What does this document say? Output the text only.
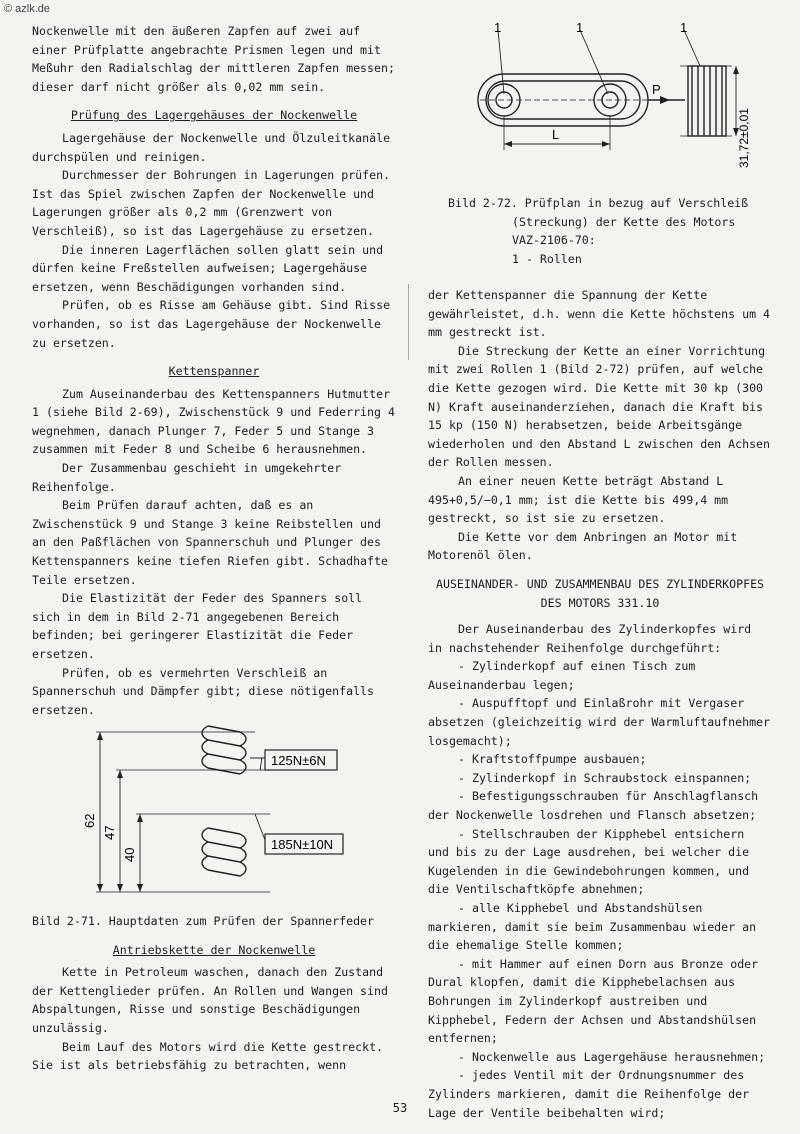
© azlk.de

Nockenwelle mit den äußeren Zapfen auf zwei auf einer Prüfplatte angebrachte Prismen legen und mit Meßuhr den Radialschlag der mittleren Zapfen messen; dieser darf nicht größer als 0,02 mm sein.

Prüfung des Lagergehäuses der Nockenwelle

Lagergehäuse der Nockenwelle und Ölzuleitkanäle durchspülen und reinigen.

Durchmesser der Bohrungen in Lagerungen prüfen. Ist das Spiel zwischen Zapfen der Nockenwelle und Lagerungen größer als 0,2 mm (Grenzwert von Verschleiß), so ist das Lagergehäuse zu ersetzen.

Die inneren Lagerflächen sollen glatt sein und dürfen keine Freßstellen aufweisen; Lagergehäuse ersetzen, wenn Beschädigungen vorhanden sind.

Prüfen, ob es Risse am Gehäuse gibt. Sind Risse vorhanden, so ist das Lagergehäuse der Nockenwelle zu ersetzen.

Kettenspanner

Zum Auseinanderbau des Kettenspanners Hutmutter 1 (siehe Bild 2-69), Zwischenstück 9 und Federring 4 wegnehmen, danach Plunger 7, Feder 5 und Stange 3 zusammen mit Feder 8 und Scheibe 6 herausnehmen.

Der Zusammenbau geschieht in umgekehrter Reihenfolge.

Beim Prüfen darauf achten, daß es an Zwischenstück 9 und Stange 3 keine Reibstellen und an den Paßflächen von Spannerschuh und Plunger des Kettenspanners keine tiefen Riefen gibt. Schadhafte Teile ersetzen.

Die Elastizität der Feder des Spanners soll sich in dem in Bild 2-71 angegebenen Bereich befinden; bei geringerer Elastizität die Feder ersetzen.

Prüfen, ob es vermehrten Verschleiß an Spannerschuh und Dämpfer gibt; diese nötigenfalls ersetzen.

125N±6N
185N±10N
62
47
40

Bild 2-71. Hauptdaten zum Prüfen der Spannerfeder

Antriebskette der Nockenwelle

Kette in Petroleum waschen, danach den Zustand der Kettenglieder prüfen. An Rollen und Wangen sind Abspaltungen, Risse und sonstige Beschädigungen unzulässig.

Beim Lauf des Motors wird die Kette gestreckt. Sie ist als betriebsfähig zu betrachten, wenn

1	1	1
P
L	31,72±0,01

Bild 2-72. Prüfplan in bezug auf Verschleiß

(Streckung) der Kette des Motors

VAZ-2106-70:

1 - Rollen

der Kettenspanner die Spannung der Kette gewährleistet, d.h. wenn die Kette höchstens um 4 mm gestreckt ist.

Die Streckung der Kette an einer Vorrichtung mit zwei Rollen 1 (Bild 2-72) prüfen, auf welche die Kette gezogen wird. Die Kette mit 30 kp (300 N) Kraft auseinanderziehen, danach die Kraft bis 15 kp (150 N) herabsetzen, beide Arbeitsgänge wiederholen und den Abstand L zwischen den Achsen der Rollen messen.

An einer neuen Kette beträgt Abstand L 495+0,5/−0,1 mm; ist die Kette bis 499,4 mm gestreckt, so ist sie zu ersetzen.

Die Kette vor dem Anbringen an Motor mit Motorenöl ölen.

AUSEINANDER- UND ZUSAMMENBAU DES ZYLINDERKOPFES DES MOTORS 331.10

Der Auseinanderbau des Zylinderkopfes wird in nachstehender Reihenfolge durchgeführt:

- Zylinderkopf auf einen Tisch zum Auseinanderbau legen;

- Auspufftopf und Einlaßrohr mit Vergaser absetzen (gleichzeitig wird der Warmluftaufnehmer losgemacht);

- Kraftstoffpumpe ausbauen;

- Zylinderkopf in Schraubstock einspannen;

- Befestigungsschrauben für Anschlagflansch der Nockenwelle losdrehen und Flansch absetzen;

- Stellschrauben der Kipphebel entsichern und bis zu der Lage ausdrehen, bei welcher die Kugelenden in die Gewindebohrungen kommen, und die Ventilschaftköpfe abnehmen;

- alle Kipphebel und Abstandshülsen markieren, damit sie beim Zusammenbau wieder an die ehemalige Stelle kommen;

- mit Hammer auf einen Dorn aus Bronze oder Dural klopfen, damit die Kipphebelachsen aus Bohrungen im Zylinderkopf austreiben und Kipphebel, Federn der Achsen und Abstandshülsen entfernen;

- Nockenwelle aus Lagergehäuse herausnehmen;

- jedes Ventil mit der Ordnungsnummer des Zylinders markieren, damit die Reihenfolge der Lage der Ventile beibehalten wird;

53
